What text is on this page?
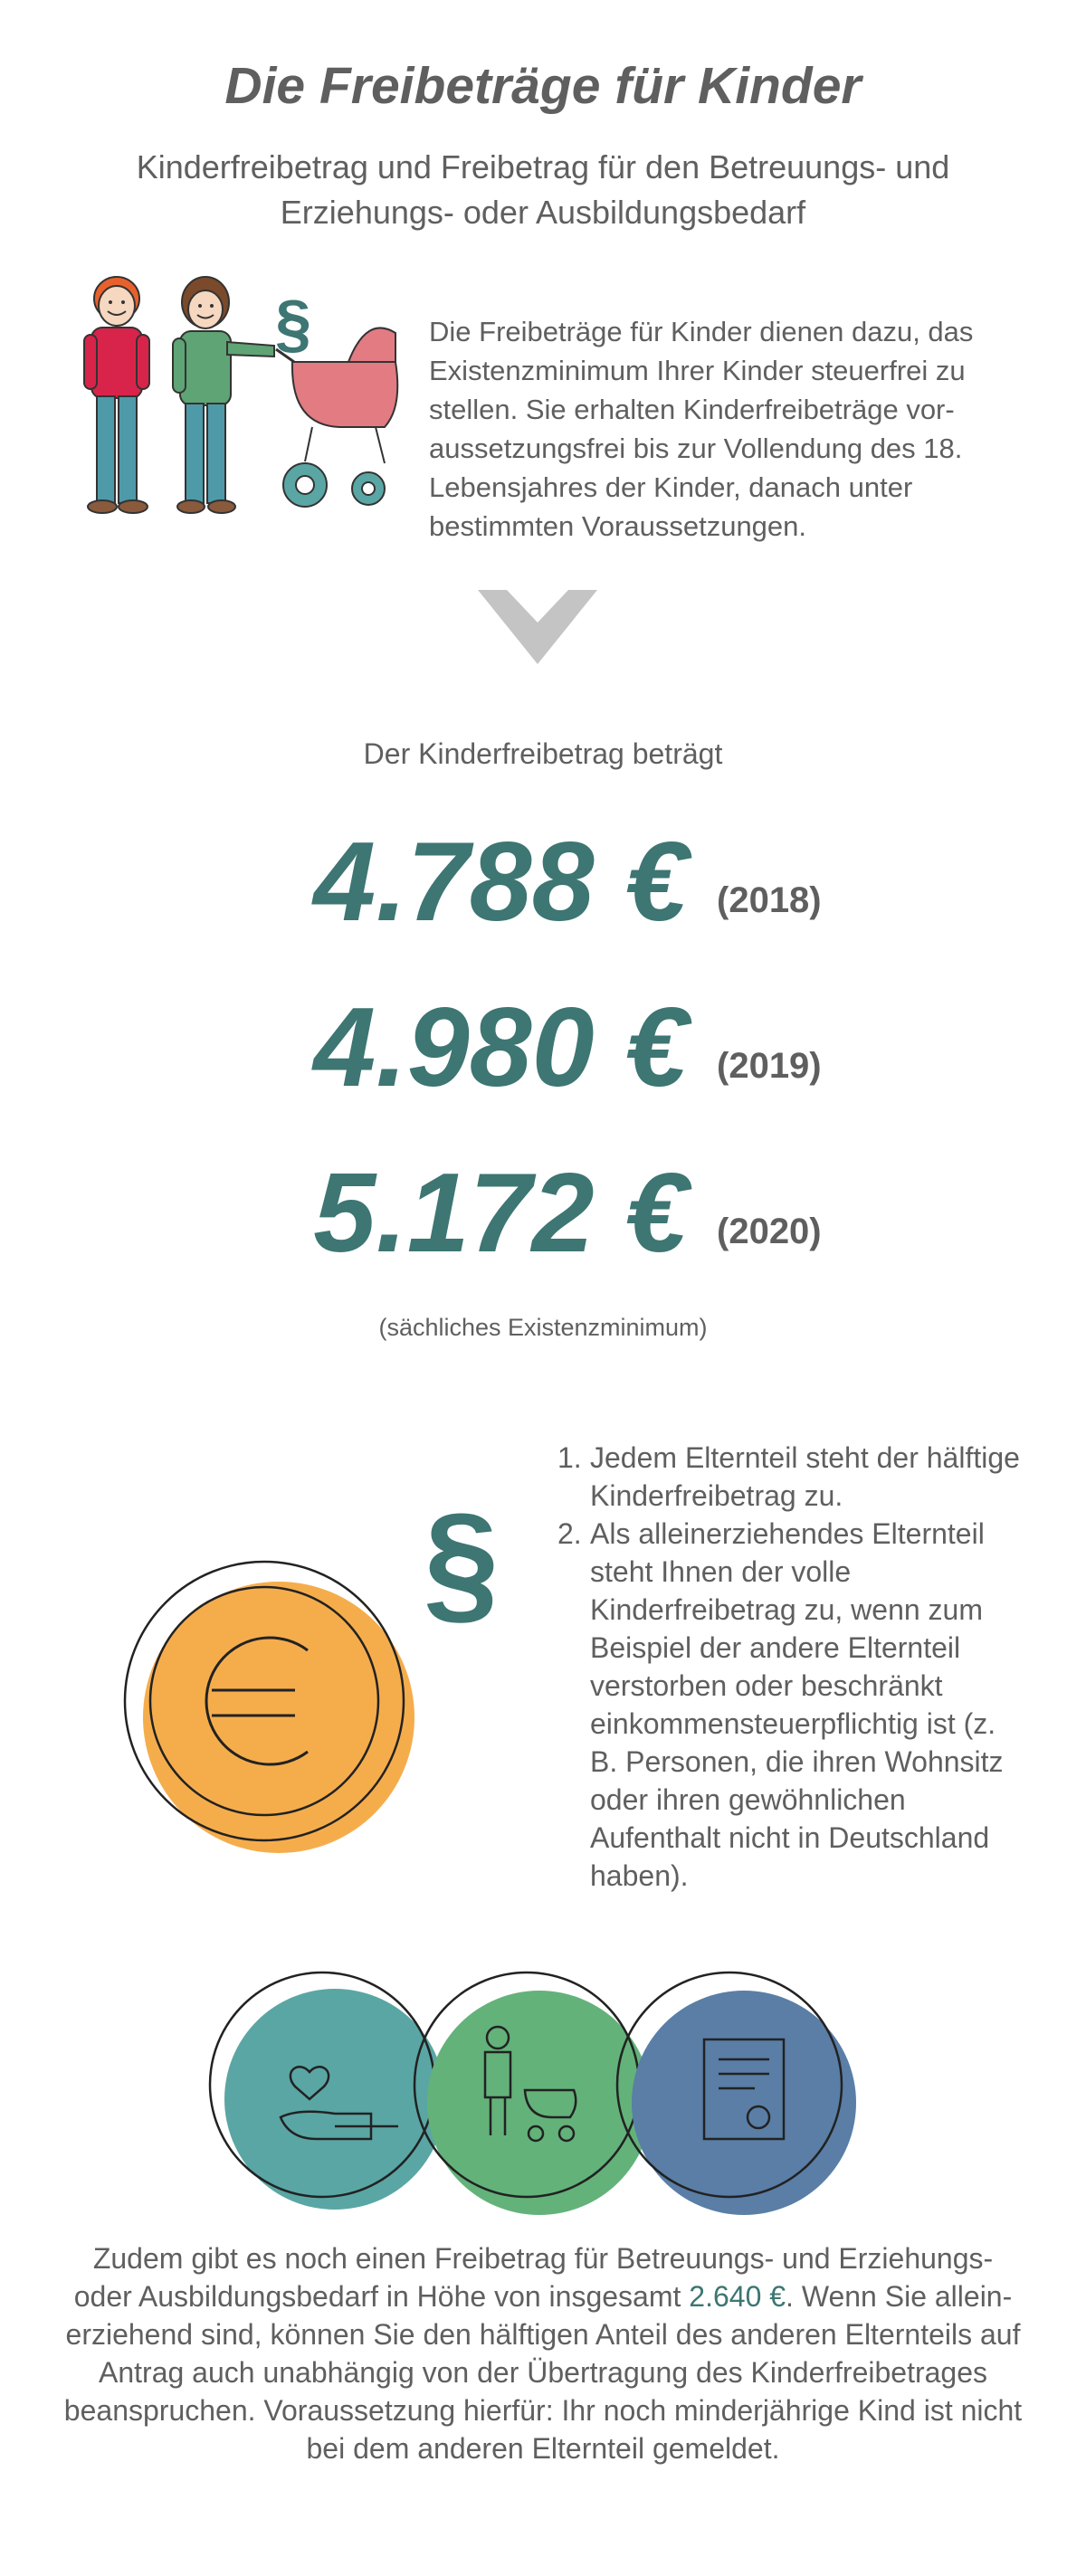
Die Freibeträge für Kinder
Kinderfreibetrag und Freibetrag für den Betreuungs- und Erziehungs- oder Ausbildungsbedarf
§	Die Freibeträge für Kinder dienen dazu, das Existenzminimum Ihrer Kinder steuerfrei zu stellen. Sie erhalten Kinderfreibeträge vor-aussetzungsfrei bis zur Vollendung des 18. Lebensjahres der Kinder, danach unter bestimmten Voraussetzungen.
Der Kinderfreibetrag beträgt
4.788 € (2018)
4.980 € (2019)
5.172 € (2020)
(sächliches Existenzminimum)
§
1. Jedem Elternteil steht der hälftige Kinderfreibetrag zu.
2. Als alleinerziehendes Elternteil steht Ihnen der volle Kinderfreibetrag zu, wenn zum Beispiel der andere Elternteil verstorben oder beschränkt einkommensteuerpflichtig ist (z. B. Personen, die ihren Wohnsitz oder ihren gewöhnlichen Aufenthalt nicht in Deutschland haben).
Zudem gibt es noch einen Freibetrag für Betreuungs- und Erziehungs- oder Ausbildungsbedarf in Höhe von insgesamt 2.640 €. Wenn Sie allein-erziehend sind, können Sie den hälftigen Anteil des anderen Elternteils auf Antrag auch unabhängig von der Übertragung des Kinderfreibetrages beanspruchen. Voraussetzung hierfür: Ihr noch minderjährige Kind ist nicht bei dem anderen Elternteil gemeldet.
